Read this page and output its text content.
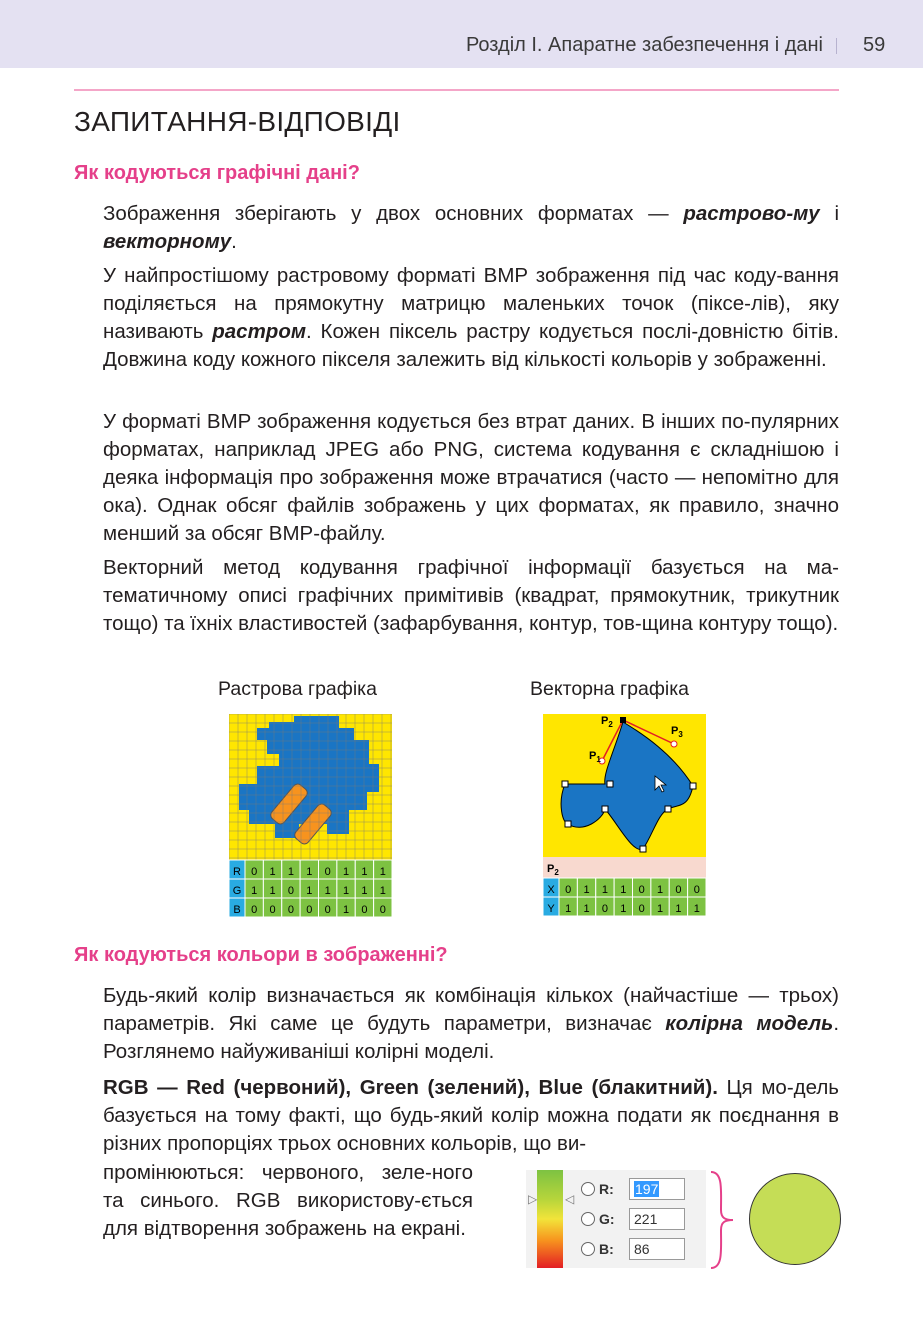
Розділ І. Апаратне забезпечення і дані 59
ЗАПИТАННЯ-ВІДПОВІДІ
Як кодуються графічні дані?

Зображення зберігають у двох основних форматах — растрово-му і векторному.

У найпростішому растровому форматі BMP зображення під час коду-вання поділяється на прямокутну матрицю маленьких точок (піксе-лів), яку називають растром. Кожен піксель растру кодується послі-довністю бітів. Довжина коду кожного пікселя залежить від кількості кольорів у зображенні.

У форматі BMP зображення кодується без втрат даних. В інших по-пулярних форматах, наприклад JPEG або PNG, система кодування є складнішою і деяка інформація про зображення може втрачатися (часто — непомітно для ока). Однак обсяг файлів зображень у цих форматах, як правило, значно менший за обсяг BMP-файлу.

Векторний метод кодування графічної інформації базується на ма-тематичному описі графічних примітивів (квадрат, прямокутник, трикутник тощо) та їхніх властивостей (зафарбування, контур, тов-щина контуру тощо).

Растрова графіка	Векторна графіка
R 0 1 1 1 0 1 1 1
G 1 1 0 1 1 1 1 1
B 0 0 0 0 0 1 0 0
$P_1$
$P_2$
$P_3$
$P_2$
X 0 1 1 1 0 1 0 0
Y 1 1 0 1 0 1 1 1
Як кодуються кольори в зображенні?

Будь-який колір визначається як комбінація кількох (найчастіше — трьох) параметрів. Які саме це будуть параметри, визначає колірна модель. Розглянемо найуживаніші колірні моделі.

RGB — Red (червоний), Green (зелений), Blue (блакитний). Ця мо-дель базується на тому факті, що будь-який колір можна подати як поєднання в різних пропорціях трьох основних кольорів, що ви-

промінюються: червоного, зеле-ного та синього. RGB використову-ється для відтворення зображень на екрані.

▷ ◁
R: 197
G: 221
B: 86
